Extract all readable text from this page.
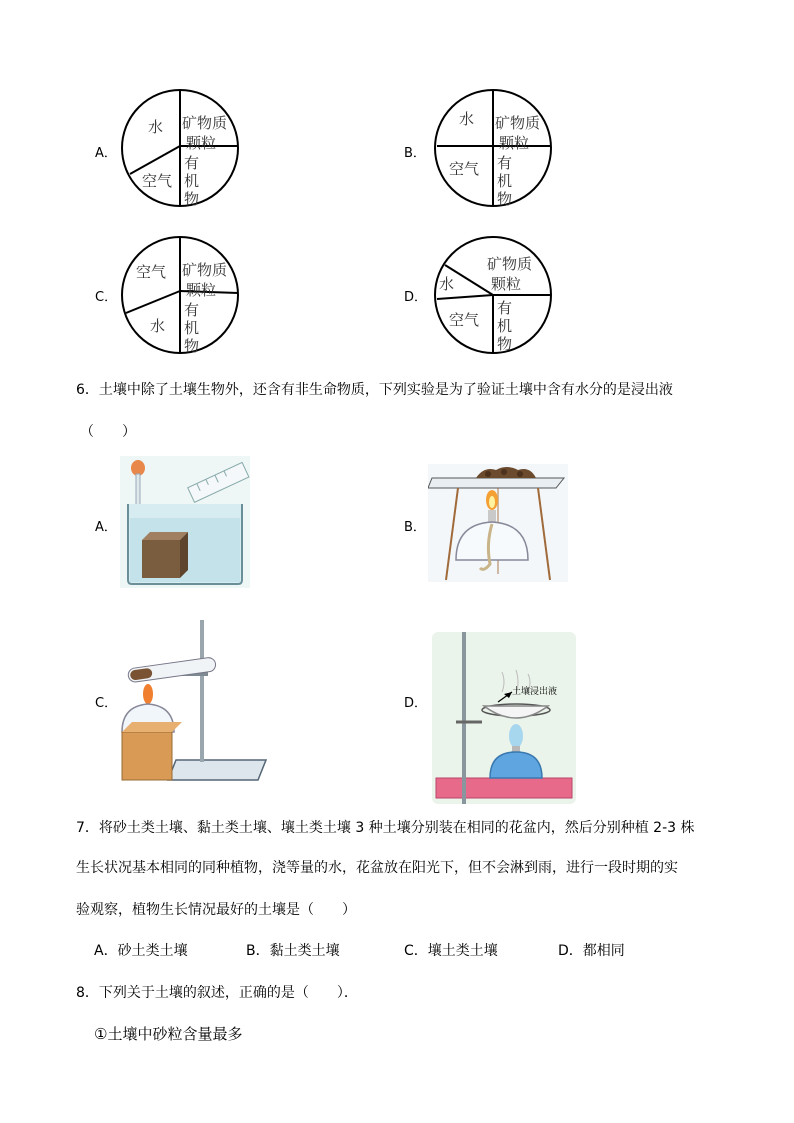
A．
水 矿物质
颗粒
空气
有
机
物
B．
水 矿物质
颗粒
空气 有
机
物
C．
空气 矿物质
颗粒
水
有
机
物
D．
矿物质
颗粒
水
空气
有
机
物
6．土壤中除了土壤生物外，还含有非生命物质，下列实验是为了验证土壤中含有水分的是浸出液
（　　）
A．	B．
C．	D．
土壤浸出液
7．将砂土类土壤、黏土类土壤、壤土类土壤 3 种土壤分别装在相同的花盆内，然后分别种植 2-3 株
生长状况基本相同的同种植物，浇等量的水，花盆放在阳光下，但不会淋到雨，进行一段时期的实
验观察，植物生长情况最好的土壤是（　　）
A．砂土类土壤	B．黏土类土壤	C．壤土类土壤	D．都相同
8．下列关于土壤的叙述，正确的是（　　）．
①土壤中砂粒含量最多
